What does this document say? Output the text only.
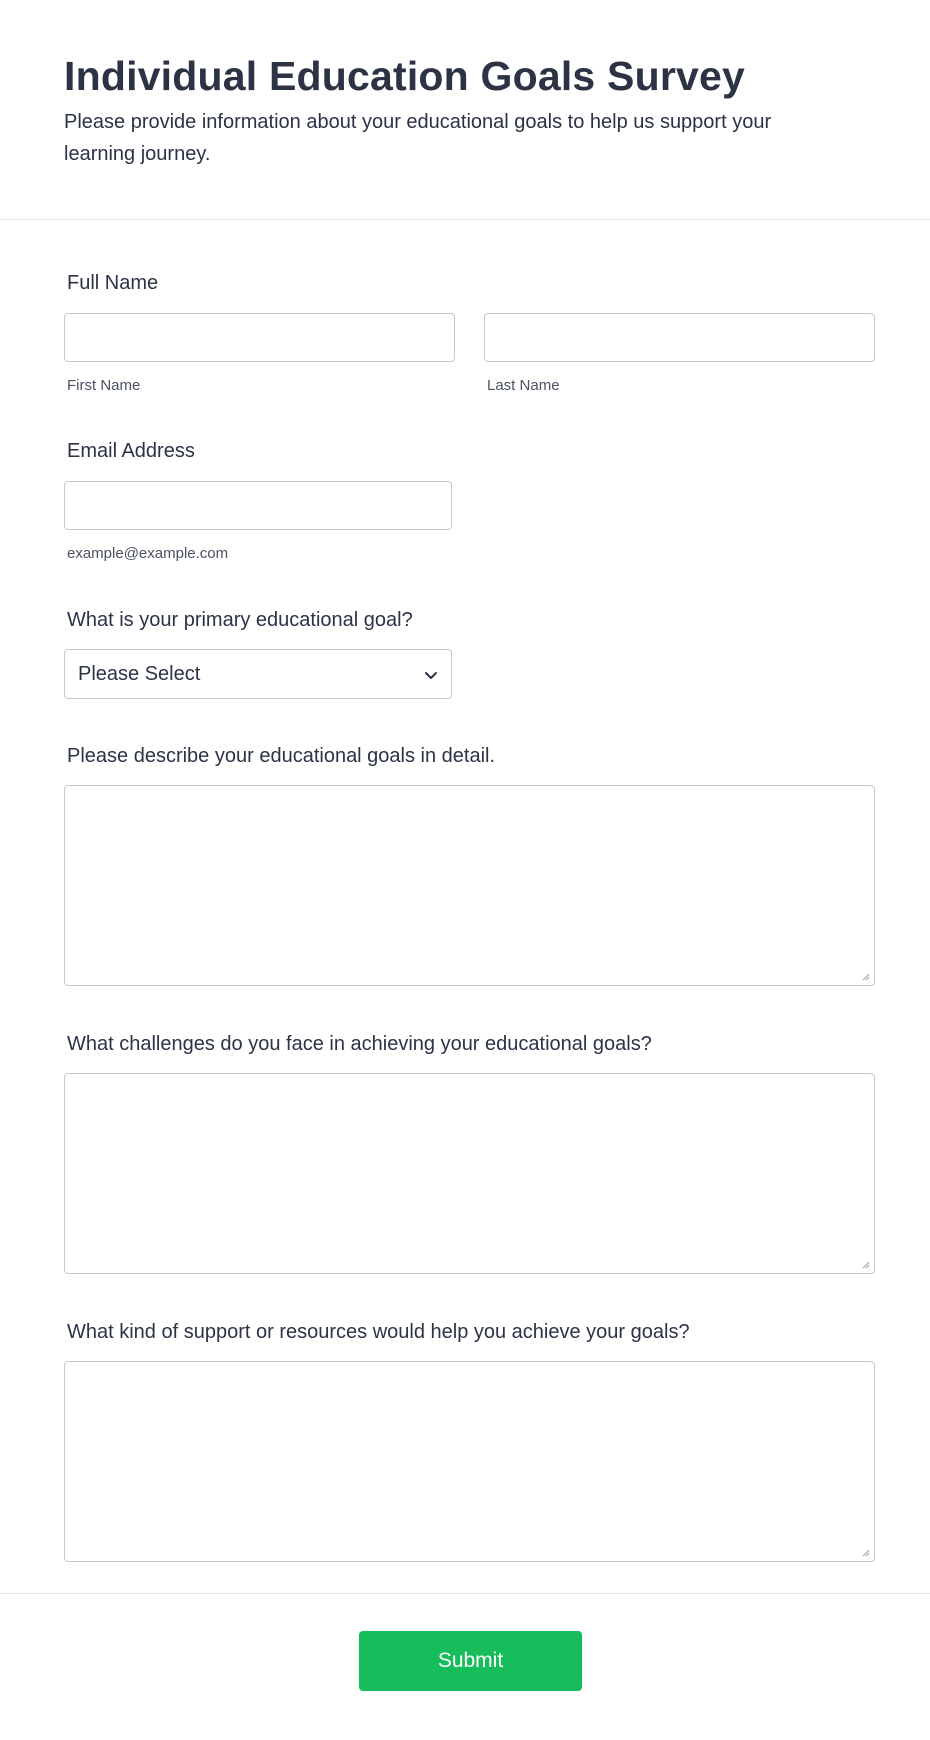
Individual Education Goals Survey

Please provide information about your educational goals to help us support your learning journey.

Full Name
First Name	Last Name
Email Address
example@example.com
What is your primary educational goal?
Please Select
Please describe your educational goals in detail.
What challenges do you face in achieving your educational goals?
What kind of support or resources would help you achieve your goals?
Submit
